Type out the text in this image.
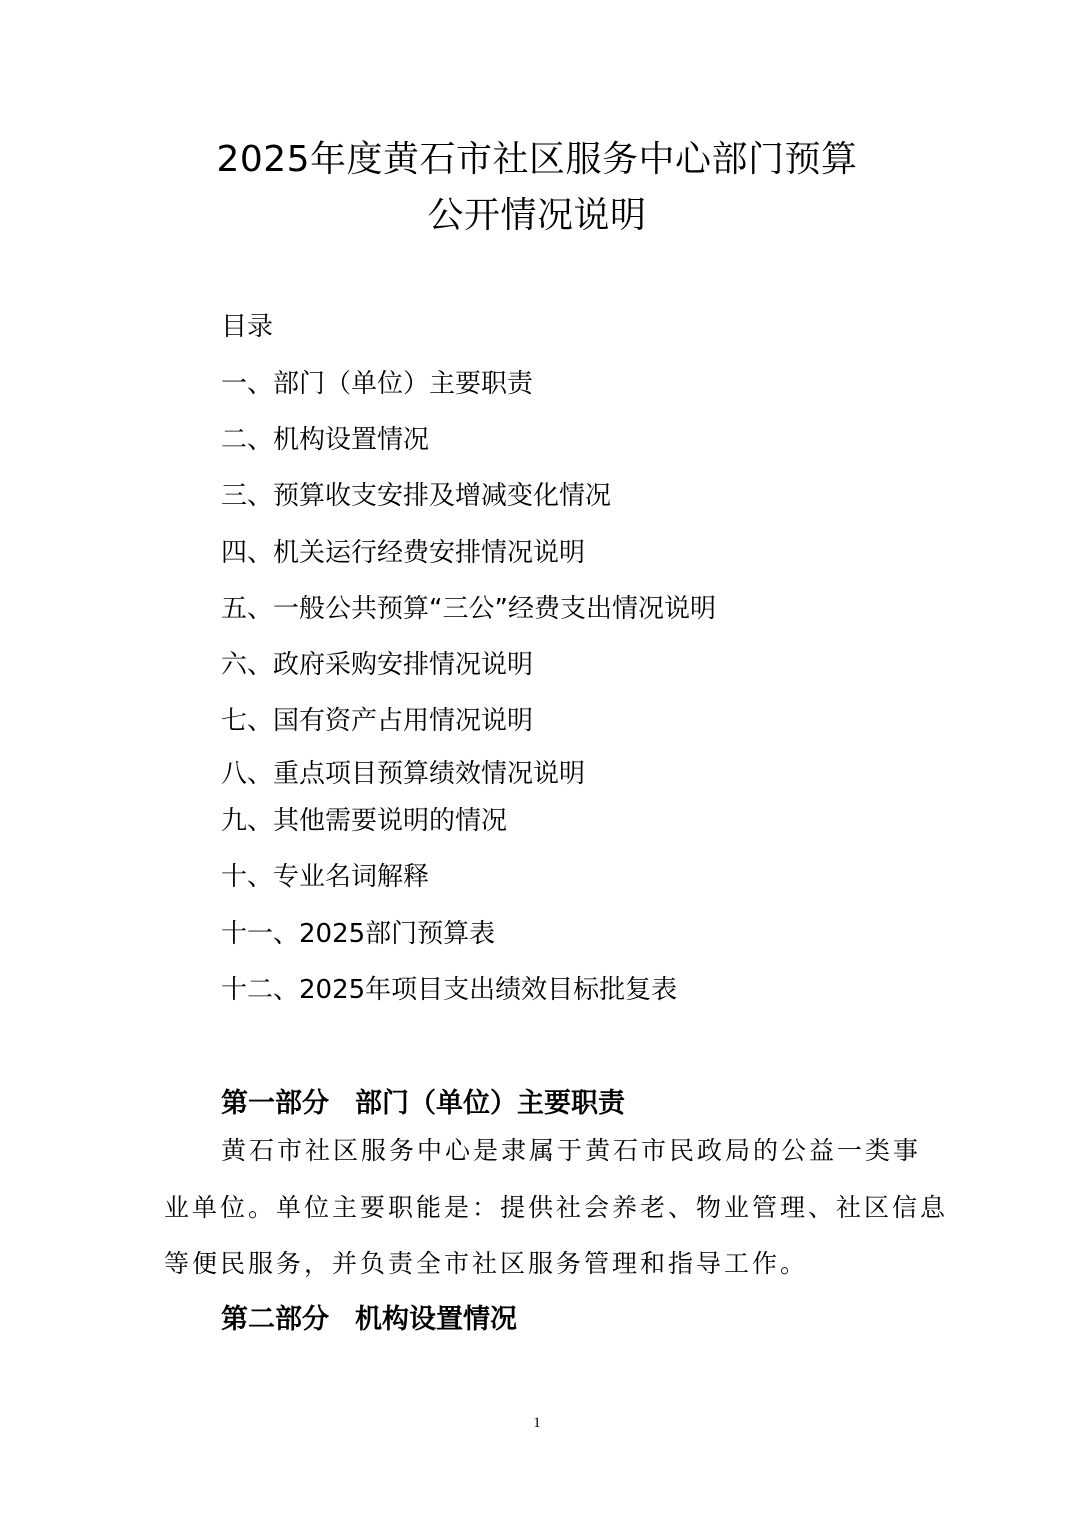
2025年度黄石市社区服务中心部门预算
公开情况说明
目录
一、部门（单位）主要职责
二、机构设置情况
三、预算收支安排及增减变化情况
四、机关运行经费安排情况说明
五、一般公共预算“三公”经费支出情况说明
六、政府采购安排情况说明
七、国有资产占用情况说明
八、重点项目预算绩效情况说明
九、其他需要说明的情况
十、专业名词解释
十一、2025部门预算表
十二、2025年项目支出绩效目标批复表
第一部分 部门（单位）主要职责
黄石市社区服务中心是隶属于黄石市民政局的公益一类事
业单位。单位主要职能是：提供社会养老、物业管理、社区信息
等便民服务，并负责全市社区服务管理和指导工作。
第二部分 机构设置情况
1
